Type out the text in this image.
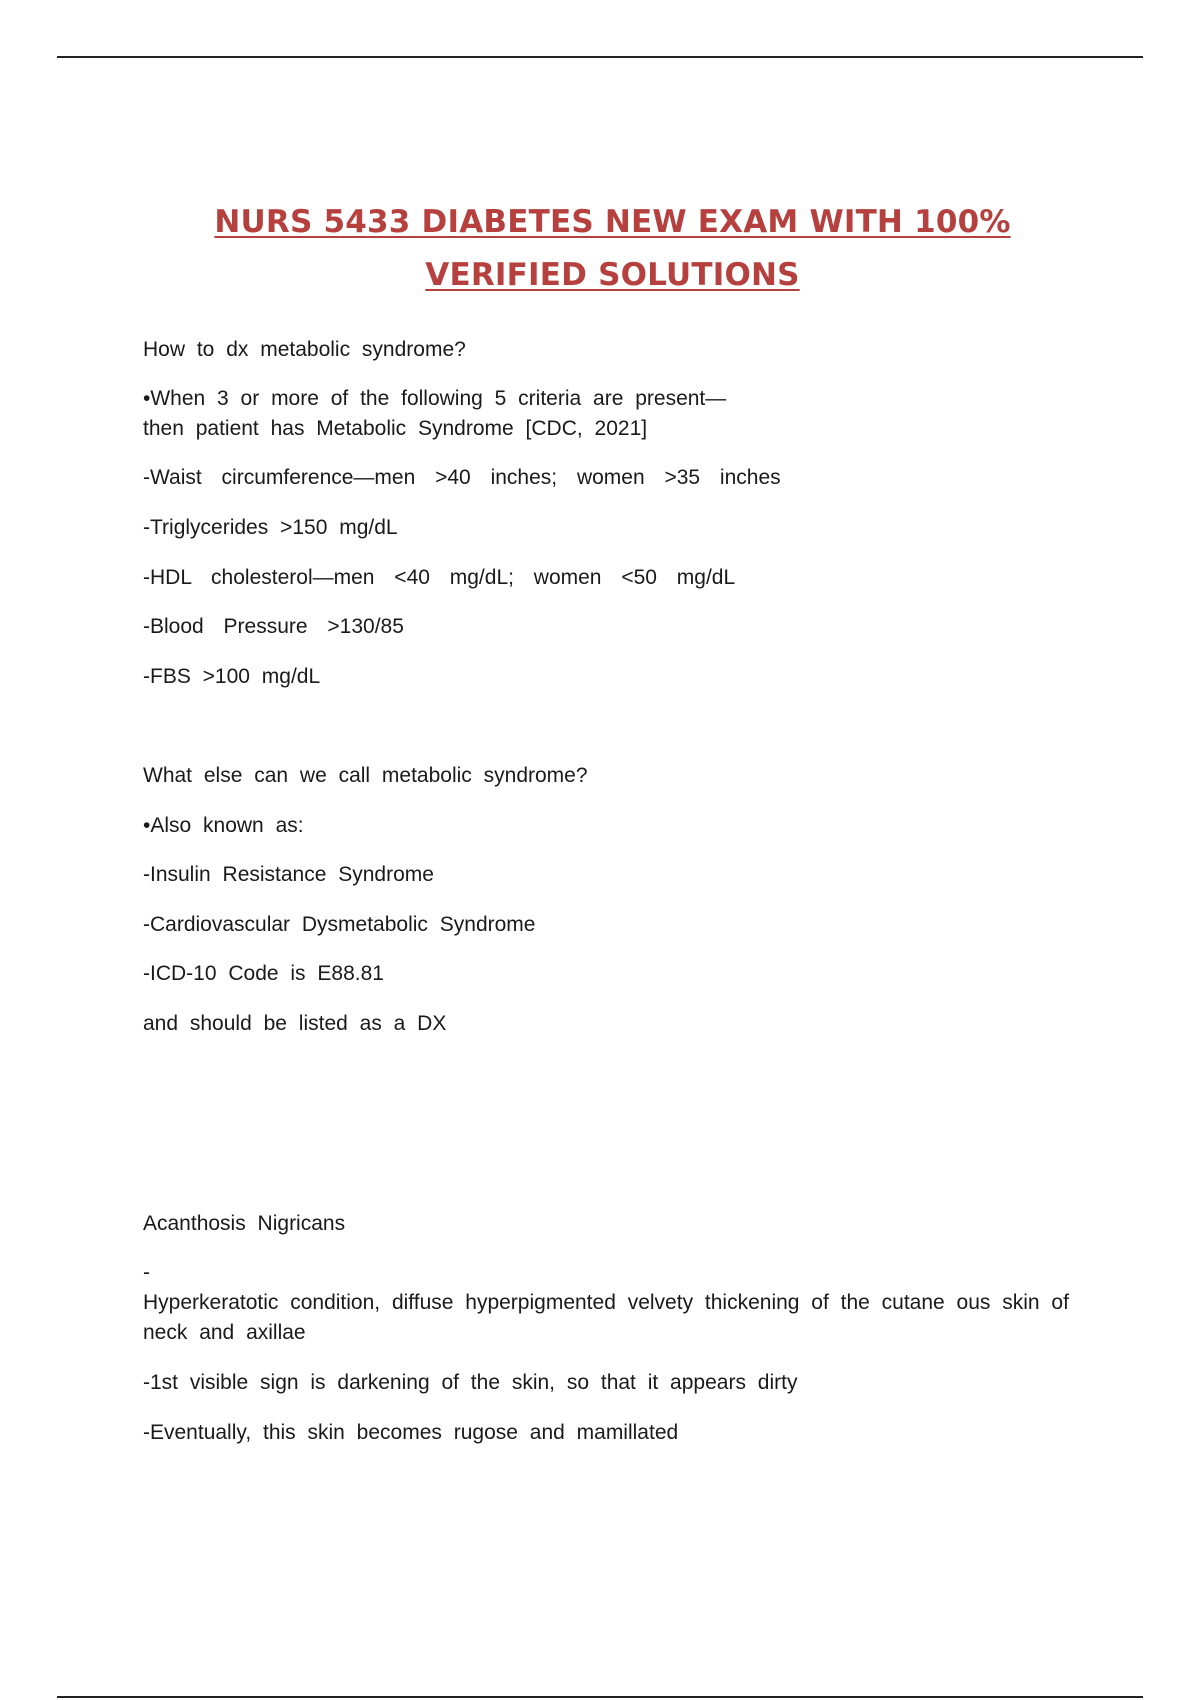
NURS 5433 DIABETES NEW EXAM WITH 100%
VERIFIED SOLUTIONS

How to dx metabolic syndrome?

•When 3 or more of the following 5 criteria are present—

then patient has Metabolic Syndrome [CDC, 2021]

-Waist circumference—men >40 inches; women >35 inches

-Triglycerides >150 mg/dL

-HDL cholesterol—men <40 mg/dL; women <50 mg/dL

-Blood Pressure >130/85

-FBS >100 mg/dL

What else can we call metabolic syndrome?

•Also known as:

-Insulin Resistance Syndrome

-Cardiovascular Dysmetabolic Syndrome

-ICD-10 Code is E88.81

and should be listed as a DX

Acanthosis Nigricans

-

Hyperkeratotic condition, diffuse hyperpigmented velvety thickening of the cutane ous skin of neck and axillae

-1st visible sign is darkening of the skin, so that it appears dirty

-Eventually, this skin becomes rugose and mamillated
